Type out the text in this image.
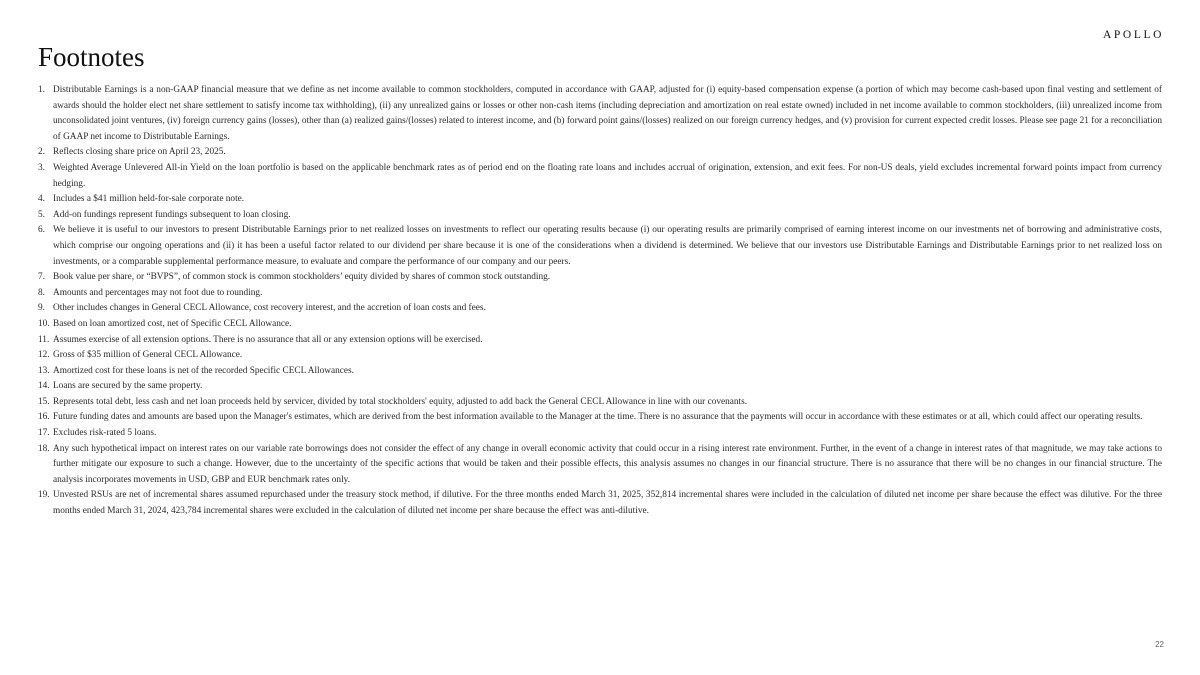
APOLLO
Footnotes
1. Distributable Earnings is a non-GAAP financial measure that we define as net income available to common stockholders, computed in accordance with GAAP, adjusted for (i) equity-based compensation expense (a portion of which may become cash-based upon final vesting and settlement of awards should the holder elect net share settlement to satisfy income tax withholding), (ii) any unrealized gains or losses or other non-cash items (including depreciation and amortization on real estate owned) included in net income available to common stockholders, (iii) unrealized income from unconsolidated joint ventures, (iv) foreign currency gains (losses), other than (a) realized gains/(losses) related to interest income, and (b) forward point gains/(losses) realized on our foreign currency hedges, and (v) provision for current expected credit losses. Please see page 21 for a reconciliation of GAAP net income to Distributable Earnings.
2. Reflects closing share price on April 23, 2025.
3. Weighted Average Unlevered All-in Yield on the loan portfolio is based on the applicable benchmark rates as of period end on the floating rate loans and includes accrual of origination, extension, and exit fees. For non-US deals, yield excludes incremental forward points impact from currency hedging.
4. Includes a $41 million held-for-sale corporate note.
5. Add-on fundings represent fundings subsequent to loan closing.
6. We believe it is useful to our investors to present Distributable Earnings prior to net realized losses on investments to reflect our operating results because (i) our operating results are primarily comprised of earning interest income on our investments net of borrowing and administrative costs, which comprise our ongoing operations and (ii) it has been a useful factor related to our dividend per share because it is one of the considerations when a dividend is determined. We believe that our investors use Distributable Earnings and Distributable Earnings prior to net realized loss on investments, or a comparable supplemental performance measure, to evaluate and compare the performance of our company and our peers.
7. Book value per share, or “BVPS”, of common stock is common stockholders’ equity divided by shares of common stock outstanding.
8. Amounts and percentages may not foot due to rounding.
9. Other includes changes in General CECL Allowance, cost recovery interest, and the accretion of loan costs and fees.
10. Based on loan amortized cost, net of Specific CECL Allowance.
11. Assumes exercise of all extension options. There is no assurance that all or any extension options will be exercised.
12. Gross of $35 million of General CECL Allowance.
13. Amortized cost for these loans is net of the recorded Specific CECL Allowances.
14. Loans are secured by the same property.
15. Represents total debt, less cash and net loan proceeds held by servicer, divided by total stockholders' equity, adjusted to add back the General CECL Allowance in line with our covenants.
16. Future funding dates and amounts are based upon the Manager's estimates, which are derived from the best information available to the Manager at the time. There is no assurance that the payments will occur in accordance with these estimates or at all, which could affect our operating results.
17. Excludes risk-rated 5 loans.
18. Any such hypothetical impact on interest rates on our variable rate borrowings does not consider the effect of any change in overall economic activity that could occur in a rising interest rate environment. Further, in the event of a change in interest rates of that magnitude, we may take actions to further mitigate our exposure to such a change. However, due to the uncertainty of the specific actions that would be taken and their possible effects, this analysis assumes no changes in our financial structure. There is no assurance that there will be no changes in our financial structure. The analysis incorporates movements in USD, GBP and EUR benchmark rates only.
19. Unvested RSUs are net of incremental shares assumed repurchased under the treasury stock method, if dilutive. For the three months ended March 31, 2025, 352,814 incremental shares were included in the calculation of diluted net income per share because the effect was dilutive. For the three months ended March 31, 2024, 423,784 incremental shares were excluded in the calculation of diluted net income per share because the effect was anti-dilutive.
22
